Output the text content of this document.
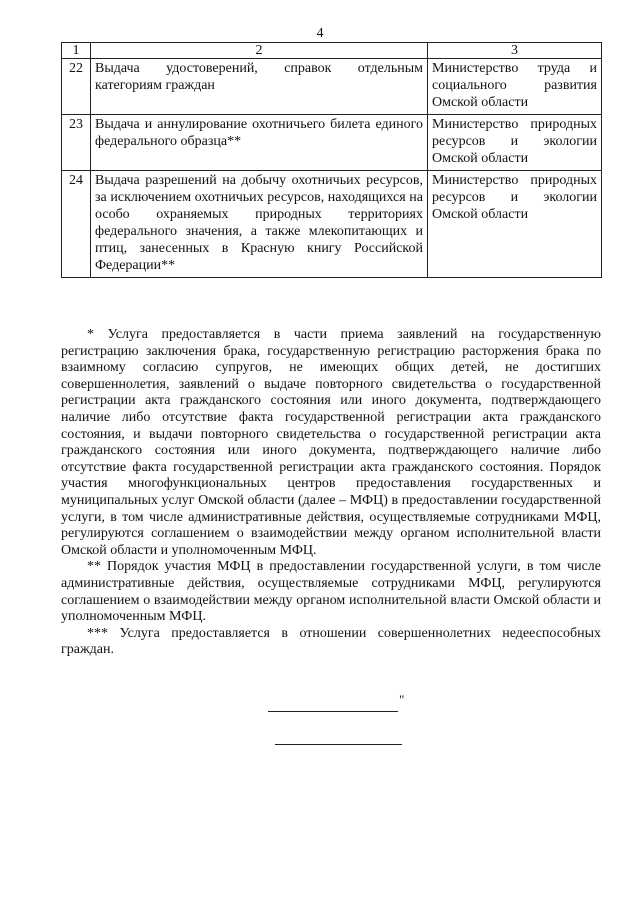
4
1	2	3
22	Выдача удостоверений, справок отдельным категориям граждан	Министерство труда и социального развития Омской области
23	Выдача и аннулирование охотничьего билета единого федерального образца**	Министерство природных ресурсов и экологии Омской области
24	Выдача разрешений на добычу охотничьих ресурсов, за исключением охотничьих ресурсов, находящихся на особо охраняемых природных территориях федерального значения, а также млекопитающих и птиц, занесенных в Красную книгу Российской Федерации**	Министерство природных ресурсов и экологии Омской области

* Услуга предоставляется в части приема заявлений на государственную регистрацию заключения брака, государственную регистрацию расторжения брака по взаимному согласию супругов, не имеющих общих детей, не достигших совершеннолетия, заявлений о выдаче повторного свидетельства о государственной регистрации акта гражданского состояния или иного документа, подтверждающего наличие либо отсутствие факта государственной регистрации акта гражданского состояния, и выдачи повторного свидетельства о государственной регистрации акта гражданского состояния или иного документа, подтверждающего наличие либо отсутствие факта государственной регистрации акта гражданского состояния. Порядок участия многофункциональных центров предоставления государственных и муниципальных услуг Омской области (далее – МФЦ) в предоставлении государственной услуги, в том числе административные действия, осуществляемые сотрудниками МФЦ, регулируются соглашением о взаимодействии между органом исполнительной власти Омской области и уполномоченным МФЦ.

** Порядок участия МФЦ в предоставлении государственной услуги, в том числе административные действия, осуществляемые сотрудниками МФЦ, регулируются соглашением о взаимодействии между органом исполнительной власти Омской области и уполномоченным МФЦ.

*** Услуга предоставляется в отношении совершеннолетних недееспособных граждан.

"
